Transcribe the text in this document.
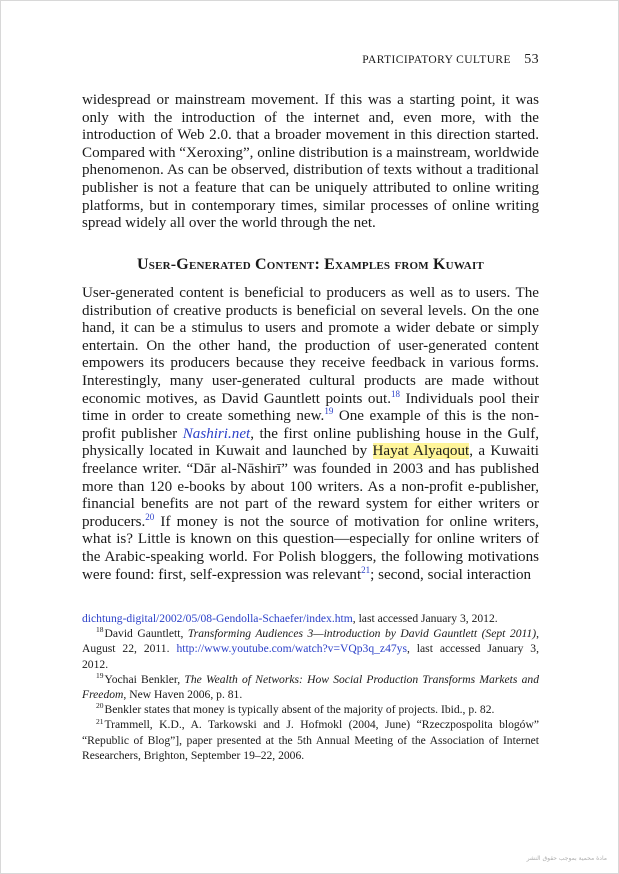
PARTICIPATORY CULTURE 53

widespread or mainstream movement. If this was a starting point, it was only with the introduction of the internet and, even more, with the introduction of Web 2.0. that a broader movement in this direction started. Compared with “Xeroxing”, online distribution is a mainstream, worldwide phenomenon. As can be observed, distribution of texts without a traditional publisher is not a feature that can be uniquely attributed to online writing platforms, but in contemporary times, similar processes of online writing spread widely all over the world through the net.

User-Generated Content: Examples from Kuwait

User-generated content is beneficial to producers as well as to users. The distribution of creative products is beneficial on several levels. On the one hand, it can be a stimulus to users and promote a wider debate or simply entertain. On the other hand, the production of user-generated content empowers its producers because they receive feedback in various forms. Interestingly, many user-generated cultural products are made without economic motives, as David Gauntlett points out.$^{18}$ Individuals pool their time in order to create something new.$^{19}$ One example of this is the non-profit publisher Nashiri.net, the first online publishing house in the Gulf, physically located in Kuwait and launched by Hayat Alyaqout, a Kuwaiti freelance writer. “Dār al-Nāshirī” was founded in 2003 and has published more than 120 e-books by about 100 writers. As a non-profit e-publisher, financial benefits are not part of the reward system for either writers or producers.$^{20}$ If money is not the source of motivation for online writers, what is? Little is known on this question—especially for online writers of the Arabic-speaking world. For Polish bloggers, the following motivations were found: first, self-expression was relevant$^{21}$; second, social interaction

dichtung-digital/2002/05/08-Gendolla-Schaefer/index.htm, last accessed January 3, 2012.

$^{18}$David Gauntlett, Transforming Audiences 3—introduction by David Gauntlett (Sept 2011), August 22, 2011. http://www.youtube.com/watch?v=VQp3q_z47ys, last accessed January 3, 2012.

$^{19}$Yochai Benkler, The Wealth of Networks: How Social Production Transforms Markets and Freedom, New Haven 2006, p. 81.

$^{20}$Benkler states that money is typically absent of the majority of projects. Ibid., p. 82.

$^{21}$Trammell, K.D., A. Tarkowski and J. Hofmokl (2004, June) “Rzeczpospolita blogów” “Republic of Blog”], paper presented at the 5th Annual Meeting of the Association of Internet Researchers, Brighton, September 19–22, 2006.

مادة محمية بموجب حقوق النشر
